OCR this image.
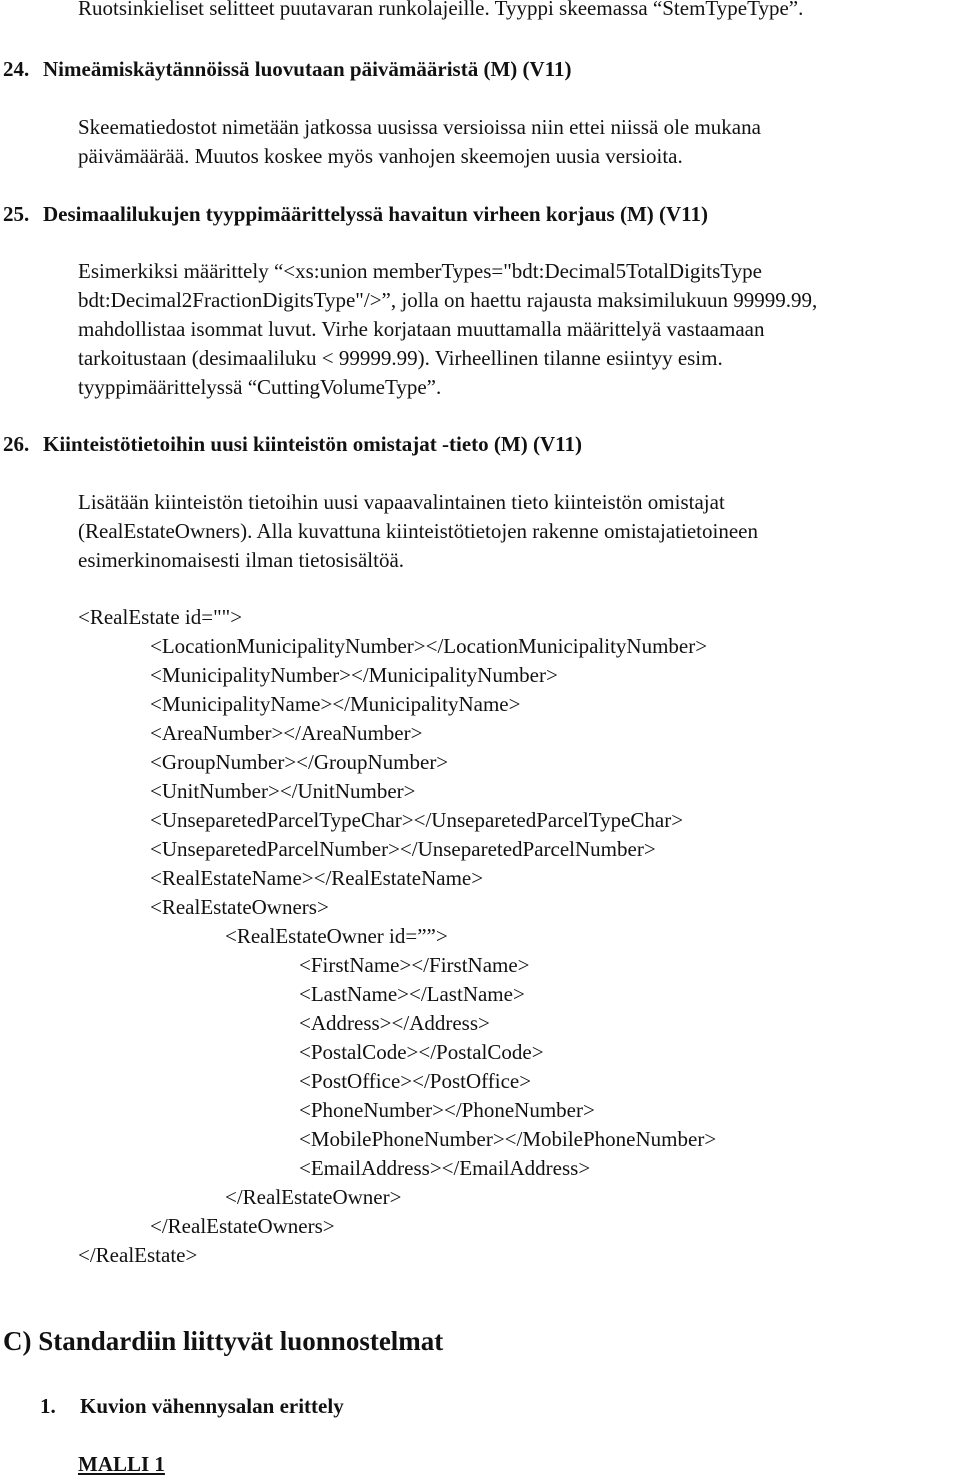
Ruotsinkieliset selitteet puutavaran runkolajeille. Tyyppi skeemassa “StemTypeType”.
24. Nimeämiskäytännöissä luovutaan päivämääristä (M) (V11)
Skeematiedostot nimetään jatkossa uusissa versioissa niin ettei niissä ole mukana
päivämäärää. Muutos koskee myös vanhojen skeemojen uusia versioita.
25. Desimaalilukujen tyyppimäärittelyssä havaitun virheen korjaus (M) (V11)
Esimerkiksi määrittely “<xs:union memberTypes="bdt:Decimal5TotalDigitsType
bdt:Decimal2FractionDigitsType"/>”, jolla on haettu rajausta maksimilukuun 99999.99,
mahdollistaa isommat luvut. Virhe korjataan muuttamalla määrittelyä vastaamaan
tarkoitustaan (desimaaliluku < 99999.99). Virheellinen tilanne esiintyy esim.
tyyppimäärittelyssä “CuttingVolumeType”.
26. Kiinteistötietoihin uusi kiinteistön omistajat -tieto (M) (V11)
Lisätään kiinteistön tietoihin uusi vapaavalintainen tieto kiinteistön omistajat
(RealEstateOwners). Alla kuvattuna kiinteistötietojen rakenne omistajatietoineen
esimerkinomaisesti ilman tietosisältöä.
<RealEstate id="">
<LocationMunicipalityNumber></LocationMunicipalityNumber>
<MunicipalityNumber></MunicipalityNumber>
<MunicipalityName></MunicipalityName>
<AreaNumber></AreaNumber>
<GroupNumber></GroupNumber>
<UnitNumber></UnitNumber>
<UnseparetedParcelTypeChar></UnseparetedParcelTypeChar>
<UnseparetedParcelNumber></UnseparetedParcelNumber>
<RealEstateName></RealEstateName>
<RealEstateOwners>
<RealEstateOwner id=””>
<FirstName></FirstName>
<LastName></LastName>
<Address></Address>
<PostalCode></PostalCode>
<PostOffice></PostOffice>
<PhoneNumber></PhoneNumber>
<MobilePhoneNumber></MobilePhoneNumber>
<EmailAddress></EmailAddress>
</RealEstateOwner>
</RealEstateOwners>
</RealEstate>
C) Standardiin liittyvät luonnostelmat
1. Kuvion vähennysalan erittely
MALLI 1
